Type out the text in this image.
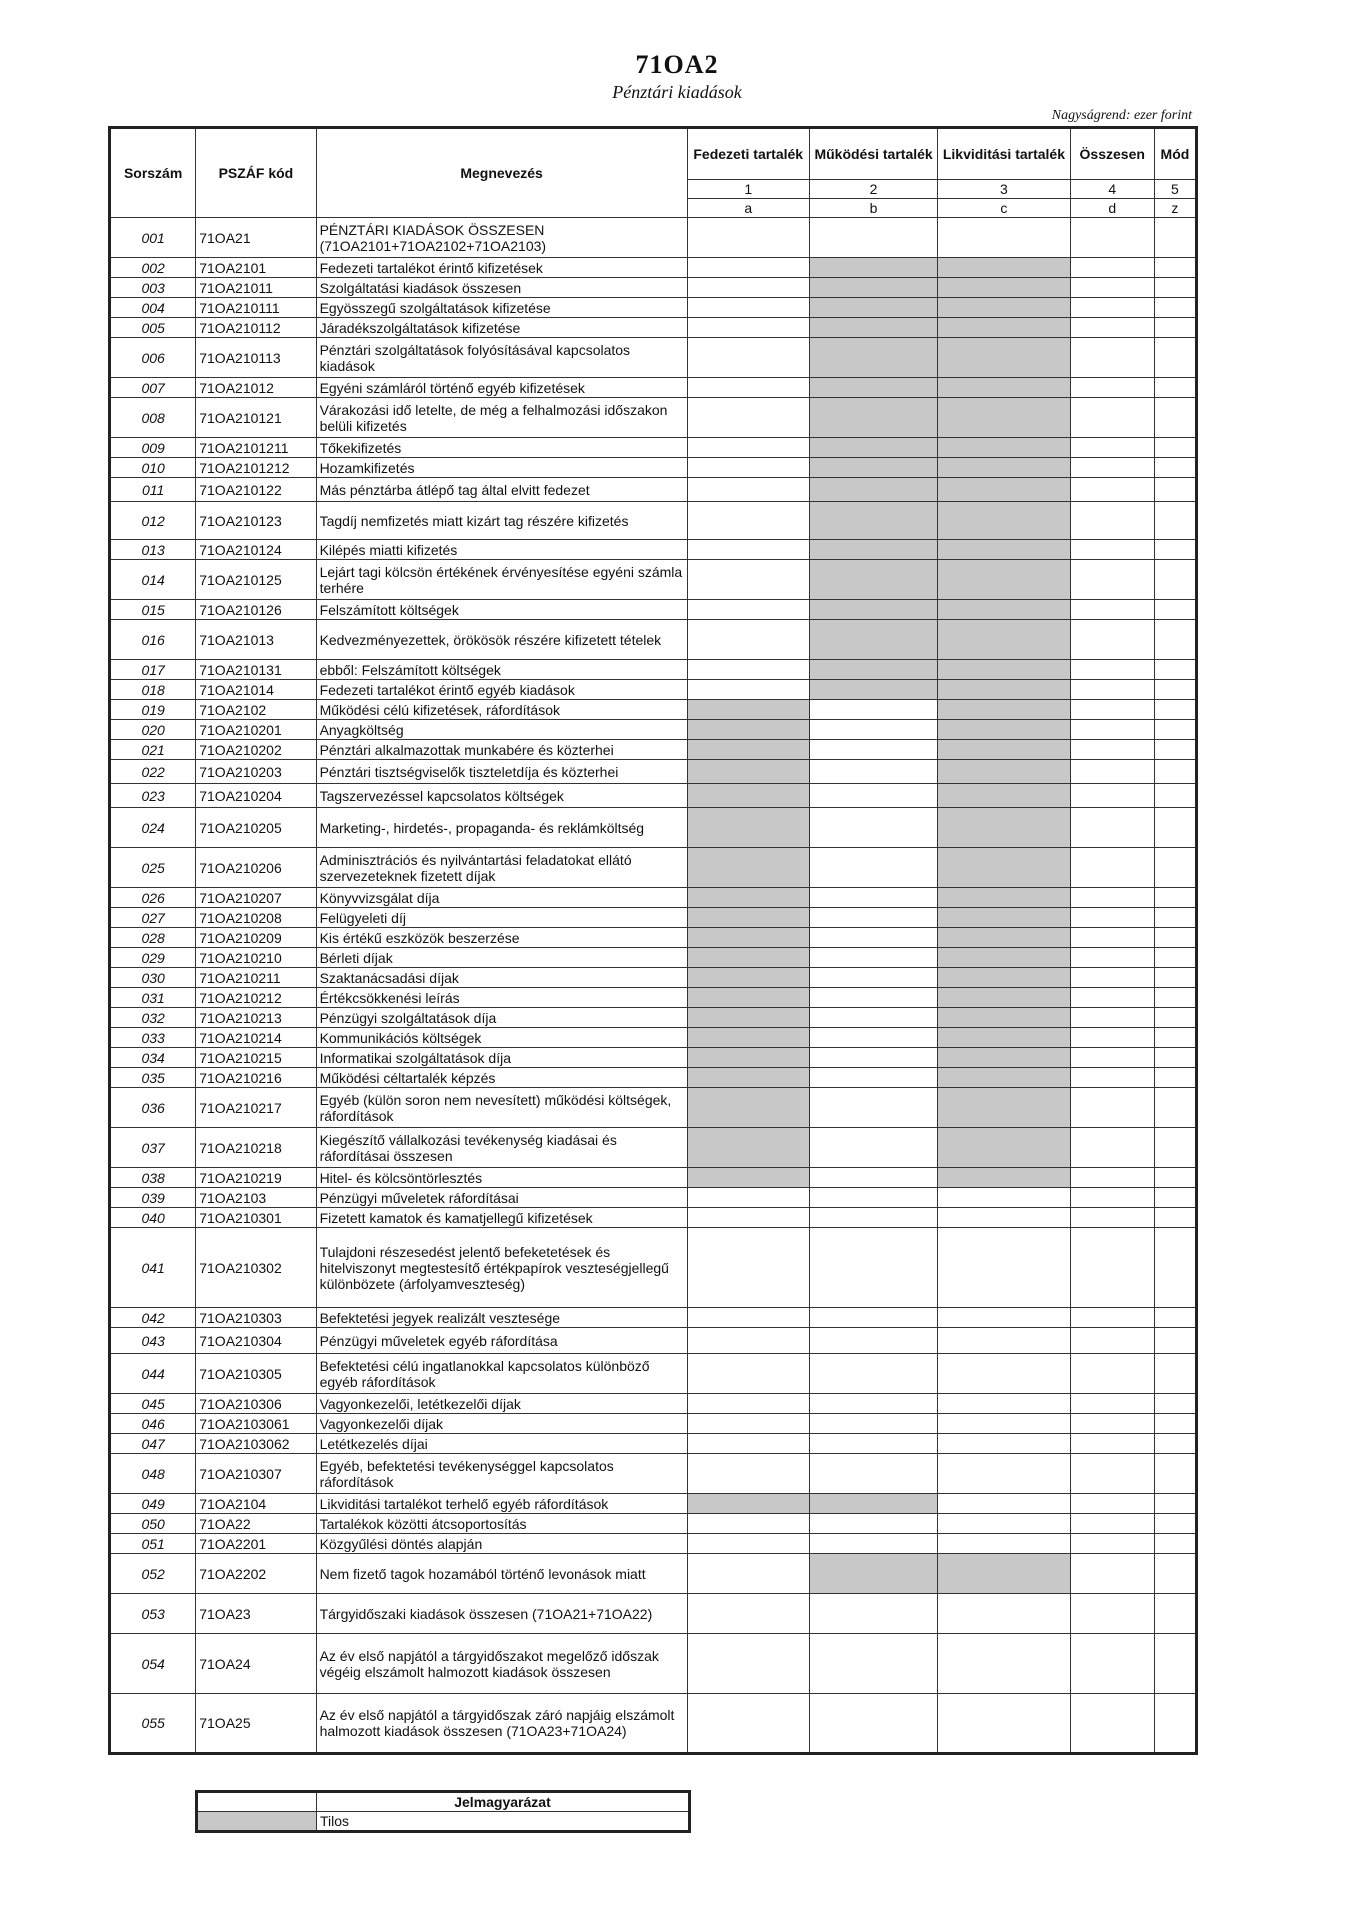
71OA2
Pénztári kiadások
Nagyságrend: ezer forint
Sorszám	PSZÁF kód	Megnevezés	Fedezeti tartalék	Működési tartalék	Likviditási tartalék	Összesen	Mód
			1	2	3	4	5
			a	b	c	d	z
001	71OA21	PÉNZTÁRI KIADÁSOK ÖSSZESEN (71OA2101+71OA2102+71OA2103)					
002	71OA2101	Fedezeti tartalékot érintő kifizetések					
003	71OA21011	Szolgáltatási kiadások összesen					
004	71OA210111	Egyösszegű szolgáltatások kifizetése					
005	71OA210112	Járadékszolgáltatások kifizetése					
006	71OA210113	Pénztári szolgáltatások folyósításával kapcsolatos kiadások					
007	71OA21012	Egyéni számláról történő egyéb kifizetések					
008	71OA210121	Várakozási idő letelte, de még a felhalmozási időszakon belüli kifizetés					
009	71OA2101211	Tőkekifizetés					
010	71OA2101212	Hozamkifizetés					
011	71OA210122	Más pénztárba átlépő tag által elvitt fedezet					
012	71OA210123	Tagdíj nemfizetés miatt kizárt tag részére kifizetés					
013	71OA210124	Kilépés miatti kifizetés					
014	71OA210125	Lejárt tagi kölcsön értékének érvényesítése egyéni számla terhére					
015	71OA210126	Felszámított költségek					
016	71OA21013	Kedvezményezettek, örökösök részére kifizetett tételek					
017	71OA210131	ebből: Felszámított költségek					
018	71OA21014	Fedezeti tartalékot érintő egyéb kiadások					
019	71OA2102	Működési célú kifizetések, ráfordítások					
020	71OA210201	Anyagköltség					
021	71OA210202	Pénztári alkalmazottak munkabére és közterhei					
022	71OA210203	Pénztári tisztségviselők tiszteletdíja és közterhei					
023	71OA210204	Tagszervezéssel kapcsolatos költségek					
024	71OA210205	Marketing-, hirdetés-, propaganda- és reklámköltség					
025	71OA210206	Adminisztrációs és nyilvántartási feladatokat ellátó szervezeteknek fizetett díjak					
026	71OA210207	Könyvvizsgálat díja					
027	71OA210208	Felügyeleti díj					
028	71OA210209	Kis értékű eszközök beszerzése					
029	71OA210210	Bérleti díjak					
030	71OA210211	Szaktanácsadási díjak					
031	71OA210212	Értékcsökkenési leírás					
032	71OA210213	Pénzügyi szolgáltatások díja					
033	71OA210214	Kommunikációs költségek					
034	71OA210215	Informatikai szolgáltatások díja					
035	71OA210216	Működési céltartalék képzés					
036	71OA210217	Egyéb (külön soron nem nevesített) működési költségek, ráfordítások					
037	71OA210218	Kiegészítő vállalkozási tevékenység kiadásai és ráfordításai összesen					
038	71OA210219	Hitel- és kölcsöntörlesztés					
039	71OA2103	Pénzügyi műveletek ráfordításai					
040	71OA210301	Fizetett kamatok és kamatjellegű kifizetések					
041	71OA210302	Tulajdoni részesedést jelentő befeketetések és hitelviszonyt megtestesítő értékpapírok veszteségjellegű különbözete (árfolyamveszteség)					
042	71OA210303	Befektetési jegyek realizált vesztesége					
043	71OA210304	Pénzügyi műveletek egyéb ráfordítása					
044	71OA210305	Befektetési célú ingatlanokkal kapcsolatos különböző egyéb ráfordítások					
045	71OA210306	Vagyonkezelői, letétkezelői díjak					
046	71OA2103061	Vagyonkezelői díjak					
047	71OA2103062	Letétkezelés díjai					
048	71OA210307	Egyéb, befektetési tevékenységgel kapcsolatos ráfordítások					
049	71OA2104	Likviditási tartalékot terhelő egyéb ráfordítások					
050	71OA22	Tartalékok közötti átcsoportosítás					
051	71OA2201	Közgyűlési döntés alapján					
052	71OA2202	Nem fizető tagok hozamából történő levonások miatt					
053	71OA23	Tárgyidőszaki kiadások összesen (71OA21+71OA22)					
054	71OA24	Az év első napjától a tárgyidőszakot megelőző időszak végéig elszámolt halmozott kiadások összesen					
055	71OA25	Az év első napjától a tárgyidőszak záró napjáig elszámolt halmozott kiadások összesen (71OA23+71OA24)					
	Jelmagyarázat
	Tilos
